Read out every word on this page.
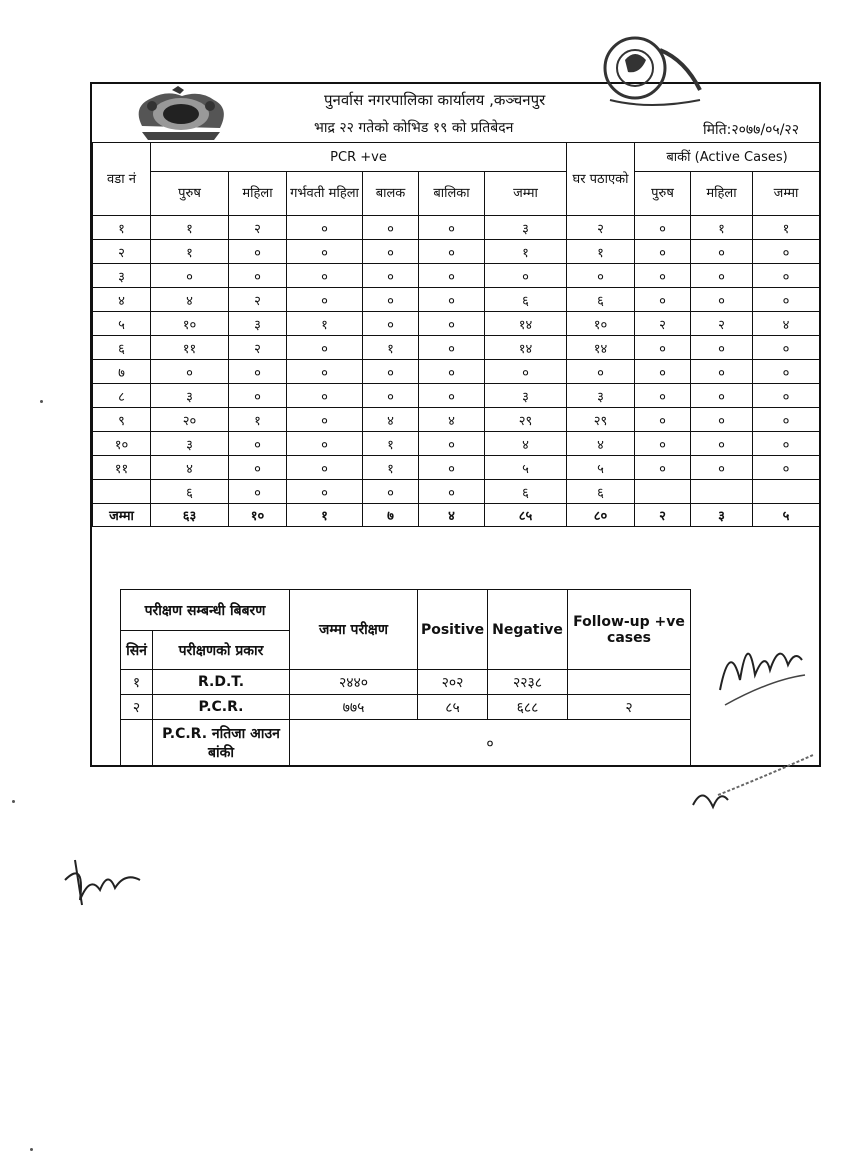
पुनर्वास नगरपालिका कार्यालय ,कञ्चनपुर
भाद्र २२ गतेको कोभिड १९ को प्रतिबेदन	मिति:२०७७/०५/२२
वडा नं	PCR +ve						घर पठाएको	बाकीं (Active Cases)		
	पुरुष	महिला	गर्भवती महिला	बालक	बालिका	जम्मा		पुरुष	महिला	जम्मा
१	१	२	०	०	०	३	२	०	१	१
२	१	०	०	०	०	१	१	०	०	०
३	०	०	०	०	०	०	०	०	०	०
४	४	२	०	०	०	६	६	०	०	०
५	१०	३	१	०	०	१४	१०	२	२	४
६	११	२	०	१	०	१४	१४	०	०	०
७	०	०	०	०	०	०	०	०	०	०
८	३	०	०	०	०	३	३	०	०	०
९	२०	१	०	४	४	२९	२९	०	०	०
१०	३	०	०	१	०	४	४	०	०	०
११	४	०	०	१	०	५	५	०	०	०
	६	०	०	०	०	६	६			
जम्मा	६३	१०	१	७	४	८५	८०	२	३	५
परीक्षण सम्बन्धी बिबरण		जम्मा परीक्षण	Positive	Negative	Follow-up +ve cases
सिनं	परीक्षणको प्रकार				
१	R.D.T.	२४४०	२०२	२२३८	
२	P.C.R.	७७५	८५	६८८	२
	P.C.R. नतिजा आउन बांकी	०			
